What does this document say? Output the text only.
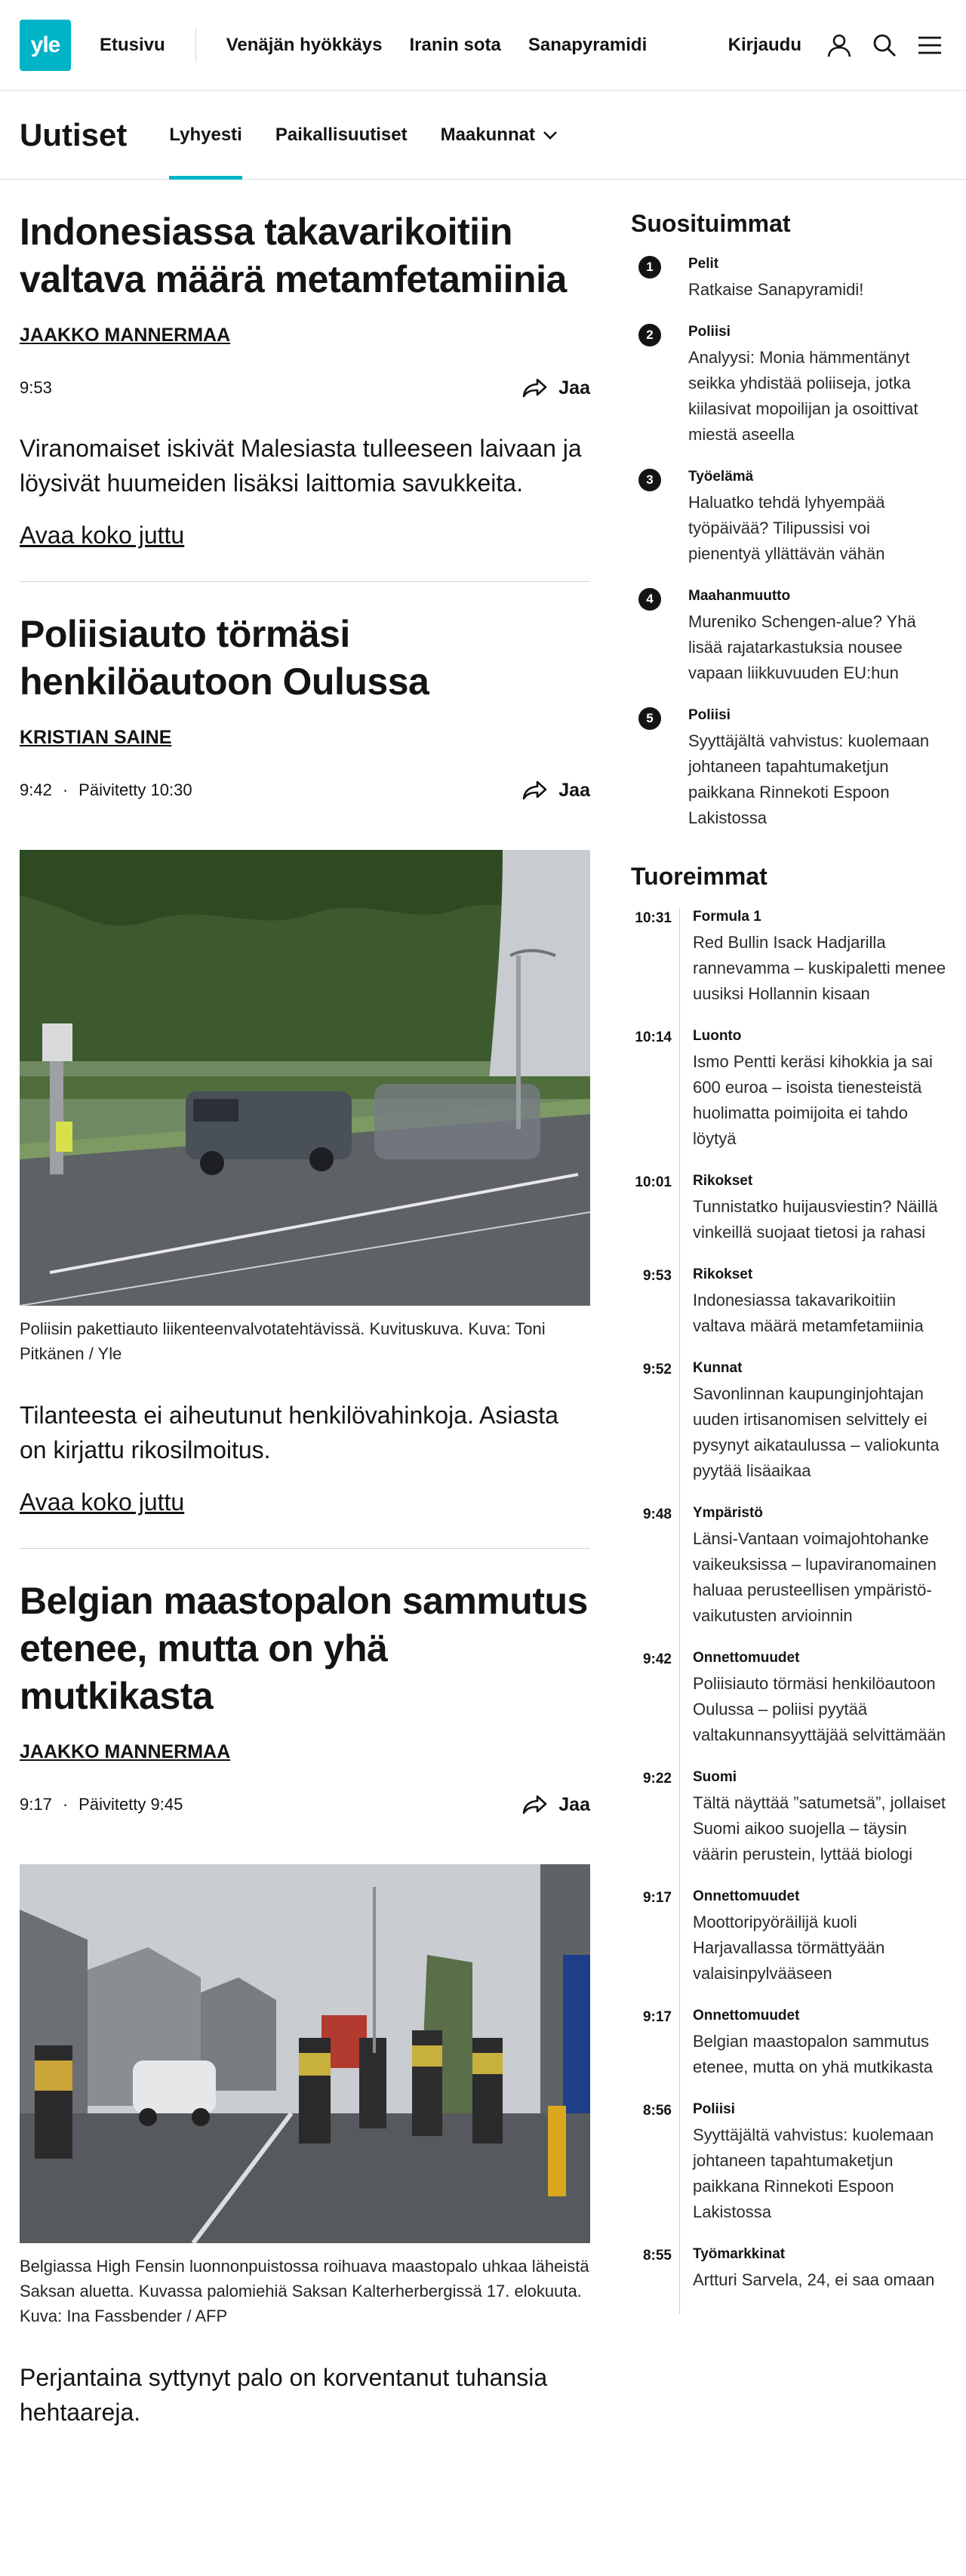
yle	Etusivu	Venäjän hyökkäys Iranin sota Sanapyramidi	Kirjaudu
Uutiset Lyhyesti Paikallisuutiset Maakunnat
Indonesiassa takavarikoitiin valtava määrä metamfetamiinia
JAAKKO MANNERMAA
9:53	Jaa

Viranomaiset iskivät Malesiasta tulleeseen laivaan ja löysivät huumeiden lisäksi laittomia savukkeita.

Avaa koko juttu
Poliisiauto törmäsi henkilöautoon Oulussa
KRISTIAN SAINE
9:42 · Päivitetty 10:30	Jaa
Poliisin pakettiauto liikenteenvalvotatehtävissä. Kuvituskuva. Kuva: Toni Pitkänen / Yle

Tilanteesta ei aiheutunut henkilövahinkoja. Asiasta on kirjattu rikosilmoitus.

Avaa koko juttu
Belgian maastopalon sammutus etenee, mutta on yhä mutkikasta
JAAKKO MANNERMAA
9:17 · Päivitetty 9:45	Jaa
Belgiassa High Fensin luonnonpuistossa roihuava maastopalo uhkaa läheistä Saksan aluetta. Kuvassa palomiehiä Saksan Kalterherbergissä 17. elokuuta. Kuva: Ina Fassbender / AFP

Perjantaina syttynyt palo on korventanut tuhansia hehtaareja.

Suosituimmat
1	Pelit
Ratkaise Sanapyramidi!
2	Poliisi
Analyysi: Monia hämmentänyt seikka yhdistää poliiseja, jotka kiilasivat mopoilijan ja osoittivat miestä aseella
3	Työelämä
Haluatko tehdä lyhyempää työpäivää? Tilipussisi voi pienentyä yllättävän vähän
4	Maahanmuutto
Mureniko Schengen-alue? Yhä lisää rajatarkastuksia nousee vapaan liikkuvuuden EU:hun
5	Poliisi
Syyttäjältä vahvistus: kuolemaan johtaneen tapahtumaketjun paikkana Rinnekoti Espoon Lakistossa
Tuoreimmat
10:31 Formula 1
Red Bullin Isack Hadjarilla rannevamma – kuskipaletti menee uusiksi Hollannin kisaan
10:14 Luonto
Ismo Pentti keräsi kihokkia ja sai 600 euroa – isoista tienesteistä huolimatta poimijoita ei tahdo löytyä
10:01 Rikokset
Tunnistatko huijausviestin? Näillä vinkeillä suojaat tietosi ja rahasi
9:53 Rikokset
Indonesiassa takavarikoitiin valtava määrä metamfetamiinia
9:52 Kunnat
Savonlinnan kaupunginjohtajan uuden irtisanomisen selvittely ei pysynyt aikataulussa – valiokunta pyytää lisäaikaa
9:48 Ympäristö
Länsi-Vantaan voimajohtohanke vaikeuksissa – lupaviranomainen haluaa perusteellisen ympäristövaikutusten arvioinnin
9:42 Onnettomuudet
Poliisiauto törmäsi henkilöautoon Oulussa – poliisi pyytää valtakunnansyyttäjää selvittämään
9:22 Suomi
Tältä näyttää ”satumetsä”, jollaiset Suomi aikoo suojella – täysin väärin perustein, lyttää biologi
9:17 Onnettomuudet
Moottoripyöräilijä kuoli Harjavallassa törmättyään valaisinpylvääseen
9:17 Onnettomuudet
Belgian maastopalon sammutus etenee, mutta on yhä mutkikasta
8:56 Poliisi
Syyttäjältä vahvistus: kuolemaan johtaneen tapahtumaketjun paikkana Rinnekoti Espoon Lakistossa
8:55 Työmarkkinat
Artturi Sarvela, 24, ei saa omaan
